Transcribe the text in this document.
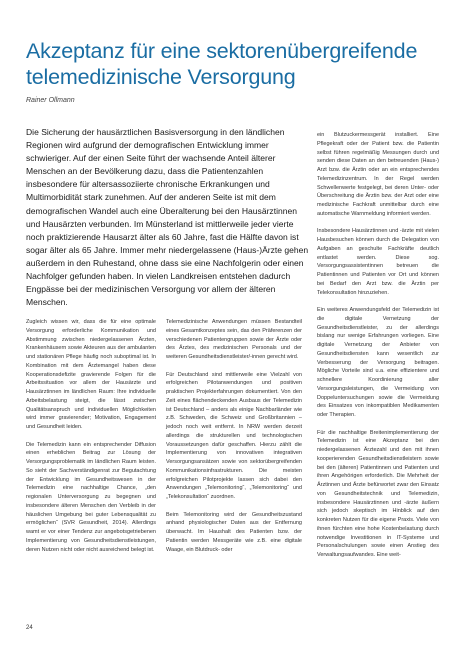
Akzeptanz für eine sektorenübergreifende telemedizinische Versorgung

Rainer Ollmann

Die Sicherung der hausärztlichen Basisversorgung in den ländlichen Regionen wird aufgrund der demografischen Entwicklung immer schwieriger. Auf der einen Seite führt der wachsende Anteil älterer Menschen an der Bevölkerung dazu, dass die Patientenzahlen insbesondere für altersassoziierte chronische Erkrankungen und Multimorbidität stark zunehmen. Auf der anderen Seite ist mit dem demografischen Wandel auch eine Überalterung bei den Hausärztinnen und Hausärzten verbunden. Im Münsterland ist mittlerweile jeder vierte noch praktizierende Hausarzt älter als 60 Jahre, fast die Hälfte davon ist sogar älter als 65 Jahre. Immer mehr niedergelassene (Haus-)Ärzte gehen außerdem in den Ruhestand, ohne dass sie eine Nachfolgerin oder einen Nachfolger gefunden haben. In vielen Landkreisen entstehen dadurch Engpässe bei der medizinischen Versorgung vor allem der älteren Menschen.

Zugleich wissen wir, dass die für eine optimale Versorgung erforderliche Kommunikation und Abstimmung zwischen niedergelassenen Ärzten, Krankenhäusern sowie Akteuren aus der ambulanten und stationären Pflege häufig noch suboptimal ist. In Kombination mit dem Ärztemangel haben diese Kooperationsdefizite gravierende Folgen für die Arbeitssituation vor allem der Hausärzte und Hausärztinnen im ländlichen Raum: Ihre individuelle Arbeitsbelastung steigt, die lässt zwischen Qualitätsanspruch und individuellen Möglichkeiten wird immer gravierender; Motivation, Engagement und Gesundheit leiden.

Die Telemedizin kann ein entsprechender Diffusion einen erheblichen Beitrag zur Lösung der Versorgungsproblematik im ländlichen Raum leisten. So sieht der Sachverständigenrat zur Begutachtung der Entwicklung im Gesundheitswesen in der Telemedizin eine nachhaltige Chance, „den regionalen Unterversorgung zu begegnen und insbesondere älteren Menschen den Verbleib in der häuslichen Umgebung bei guter Lebensqualität zu ermöglichen“ (SVR Gesundheit, 2014). Allerdings wamt er vor einer Tendenz zur angebotsgetriebenen Implementierung von Gesundheitsdienstleistungen, deren Nutzen nicht oder nicht ausreichend belegt ist.

Telemedizinische Anwendungen müssen Bestandteil eines Gesamtkonzeptes sein, das den Präferenzen der verschiedenen Patientengruppen sowie der Ärzte oder des Ärztes, des medizinischen Personals und der weiteren Gesundheitsdienstleister/-innen gerecht wird.

Für Deutschland sind mittlerweile eine Vielzahl von erfolgreichen Pilotanwendungen und positiven praktischen Projekterfahrungen dokumentiert. Von den Zeit eines flächendeckenden Ausbaus der Telemedizin ist Deutschland – anders als einige Nachbarländer wie z.B. Schweden, die Schweiz und Großbritannien – jedoch noch weit entfernt. In NRW werden derzeit allerdings die strukturellen und technologischen Voraussetzungen dafür geschaffen. Hierzu zählt die Implementierung von innovativen integrativen Versorgungsansätzen sowie von sektorübergreifenden Kommunikationsinfrastrukturen. Die meisten erfolgreichen Pilotprojekte lassen sich dabei den Anwendungen „Telemonitoring“, „Telemonitoring“ und „Telekonsultation“ zuordnen.

Beim Telemonitoring wird der Gesundheitszustand anhand physiologischer Daten aus der Entfernung überwacht. Im Haushalt des Patienten bzw. der Patientin werden Messgeräte wie z.B. eine digitale Waage, ein Blutdruck- oder

ein Blutzuckermessgerät installiert. Eine Pflegekraft oder der Patient bzw. die Patientin selbst führen regelmäßig Messungen durch und senden diese Daten an den betreuenden (Haus-) Arzt bzw. die Ärztin oder an ein entsprechendes Telemedizinzentrum. In der Regel werden Schwellenwerte festgelegt, bei deren Unter- oder Überschreitung die Ärztin bzw. der Arzt oder eine medizinische Fachkraft unmittelbar durch eine automatische Warnmeldung informiert werden.

Insbesondere Hausärztinnen und -ärzte mit vielen Hausbesuchen können durch die Delegation von Aufgaben an geschulte Fachkräfte deutlich entlastet werden. Diese sog. Versorgungsassistentinnen betreuen die Patientinnen und Patienten vor Ort und können bei Bedarf den Arzt bzw. die Ärztin per Telekonsultation hinzuziehen.

Ein weiteres Anwendungsfeld der Telemedizin ist die digitale Vernetzung der Gesundheitsdienstleister, zu der allerdings bislang nur wenige Erfahrungen vorliegen. Eine digitale Vernetzung der Anbieter von Gesundheitsdiensten kann wesentlich zur Verbesserung der Versorgung beitragen. Mögliche Vorteile sind u.a. eine effizientere und schnellere Koordinierung aller Versorgungsleistungen, die Vermeidung von Doppeluntersuchungen sowie die Vermeidung des Einsatzes von inkompatiblen Medikamenten oder Therapien.

Für die nachhaltige Breitenimplementierung der Telemedizin ist eine Akzeptanz bei den niedergelassenen Ärztezahl und den mit ihnen kooperierenden Gesundheitsdienstleistern sowie bei den (älteren) Patientinnen und Patienten und ihren Angehörigen erforderlich. Die Mehrheit der Ärztinnen und Ärzte befürwortet zwar den Einsatz von Gesundheitstechnik und Telemedizin, insbesondere Hausärztinnen und -ärzte äußern sich jedoch skeptisch im Hinblick auf den konkreten Nutzen für die eigene Praxis. Viele von ihnen fürchten eine hohe Kostenbelastung durch notwendige Investitionen in IT-Systeme und Personalschulungen sowie einen Anstieg des Verwaltungsaufwandes. Eine weit-

24
